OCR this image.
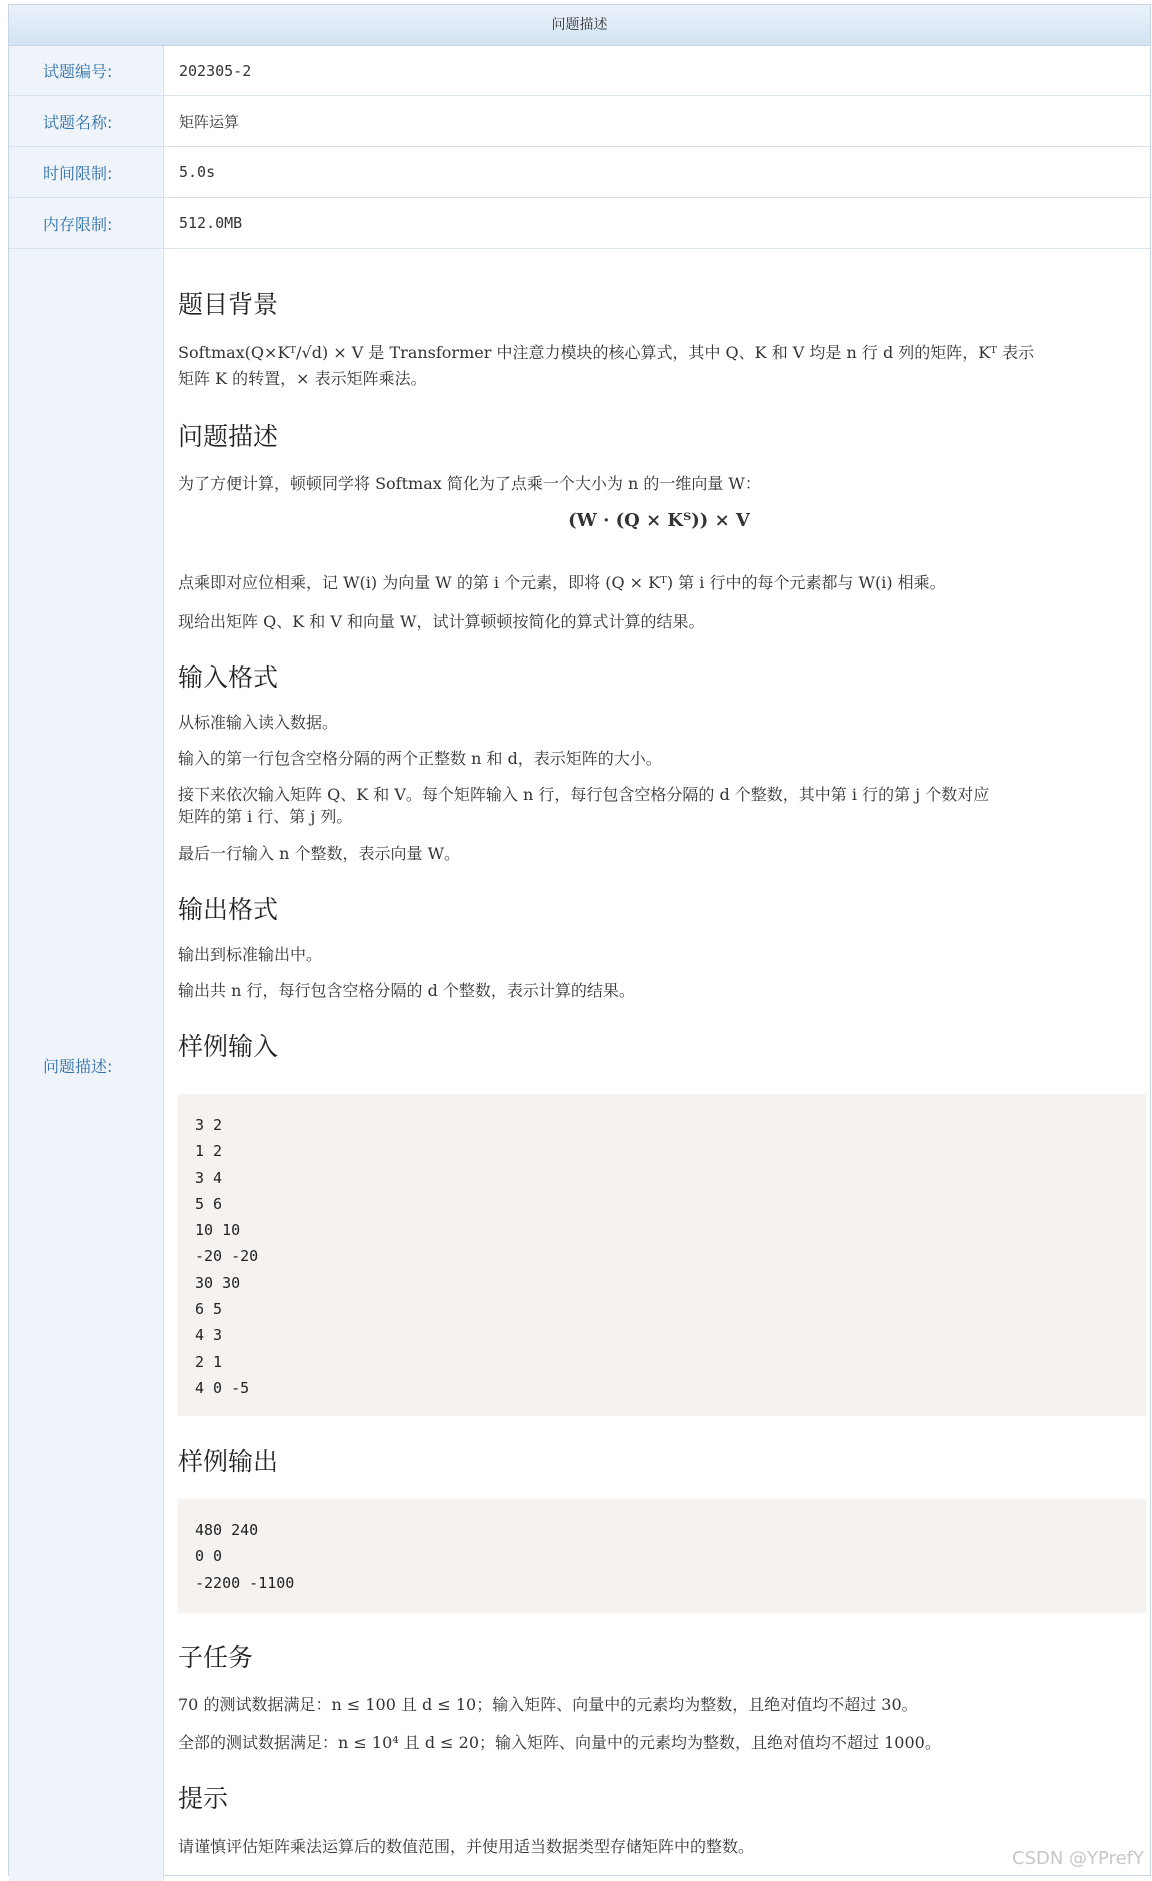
问题描述
试题编号:	202305-2
试题名称:	矩阵运算
时间限制:	5.0s
内存限制:	512.0MB
问题描述:
题目背景

Softmax(Q×Kᵀ/√d) × V 是 Transformer 中注意力模块的核心算式，其中 Q、K 和 V 均是 n 行 d 列的矩阵，Kᵀ 表示

矩阵 K 的转置，× 表示矩阵乘法。

问题描述

为了方便计算，顿顿同学将 Softmax 简化为了点乘一个大小为 n 的一维向量 W：

(W · (Q × Kᵀ)) × V

点乘即对应位相乘，记 W(i) 为向量 W 的第 i 个元素，即将 (Q × Kᵀ) 第 i 行中的每个元素都与 W(i) 相乘。

现给出矩阵 Q、K 和 V 和向量 W，试计算顿顿按简化的算式计算的结果。

输入格式

从标准输入读入数据。

输入的第一行包含空格分隔的两个正整数 n 和 d，表示矩阵的大小。

接下来依次输入矩阵 Q、K 和 V。每个矩阵输入 n 行，每行包含空格分隔的 d 个整数，其中第 i 行的第 j 个数对应

矩阵的第 i 行、第 j 列。

最后一行输入 n 个整数，表示向量 W。

输出格式

输出到标准输出中。

输出共 n 行，每行包含空格分隔的 d 个整数，表示计算的结果。

样例输入
3 2
1 2
3 4
5 6
10 10
-20 -20
30 30
6 5
4 3
2 1
4 0 -5
样例输出
480 240
0 0
-2200 -1100
子任务

70 的测试数据满足：n ≤ 100 且 d ≤ 10；输入矩阵、向量中的元素均为整数，且绝对值均不超过 30。

全部的测试数据满足：n ≤ 10⁴ 且 d ≤ 20；输入矩阵、向量中的元素均为整数，且绝对值均不超过 1000。

提示

请谨慎评估矩阵乘法运算后的数值范围，并使用适当数据类型存储矩阵中的整数。

CSDN @YPrefY
